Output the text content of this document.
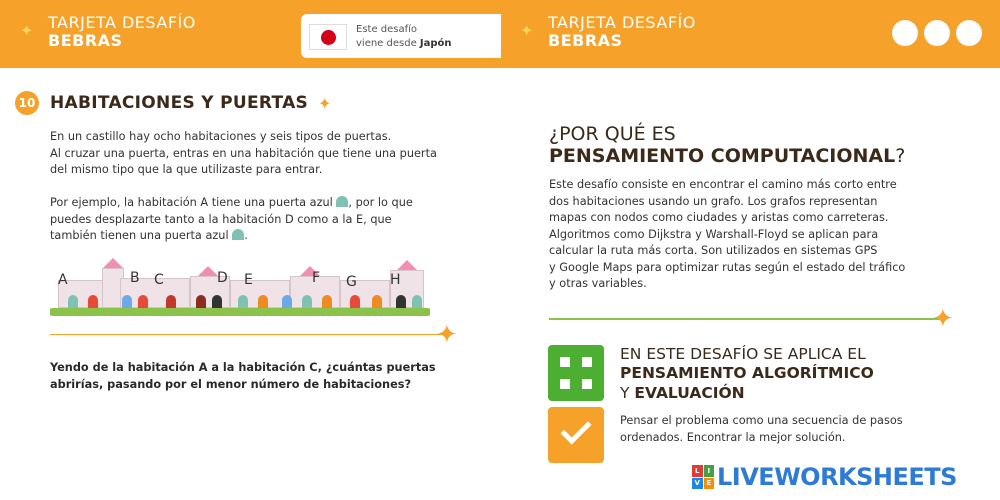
✦ TARJETA DESAFÍO
BEBRAS
Este desafío
viene desde Japón
✦ TARJETA DESAFÍO
BEBRAS
10 HABITACIONES Y PUERTAS ✦
En un castillo hay ocho habitaciones y seis tipos de puertas.
Al cruzar una puerta, entras en una habitación que tiene una puerta
del mismo tipo que la que utilizaste para entrar.
Por ejemplo, la habitación A tiene una puerta azul , por lo que
puedes desplazarte tanto a la habitación D como a la E, que
también tienen una puerta azul .
A	B C	D E	F G H
✦
Yendo de la habitación A a la habitación C, ¿cuántas puertas
abrirías, pasando por el menor número de habitaciones?
¿POR QUÉ ES
PENSAMIENTO COMPUTACIONAL?
Este desafío consiste en encontrar el camino más corto entre
dos habitaciones usando un grafo. Los grafos representan
mapas con nodos como ciudades y aristas como carreteras.
Algoritmos como Dijkstra y Warshall-Floyd se aplican para
calcular la ruta más corta. Son utilizados en sistemas GPS
y Google Maps para optimizar rutas según el estado del tráfico
y otras variables.
✦
EN ESTE DESAFÍO SE APLICA EL
PENSAMIENTO ALGORÍTMICO
Y EVALUACIÓN
Pensar el problema como una secuencia de pasos
ordenados. Encontrar la mejor solución.
L	I
V E LIVEWORKSHEETS
